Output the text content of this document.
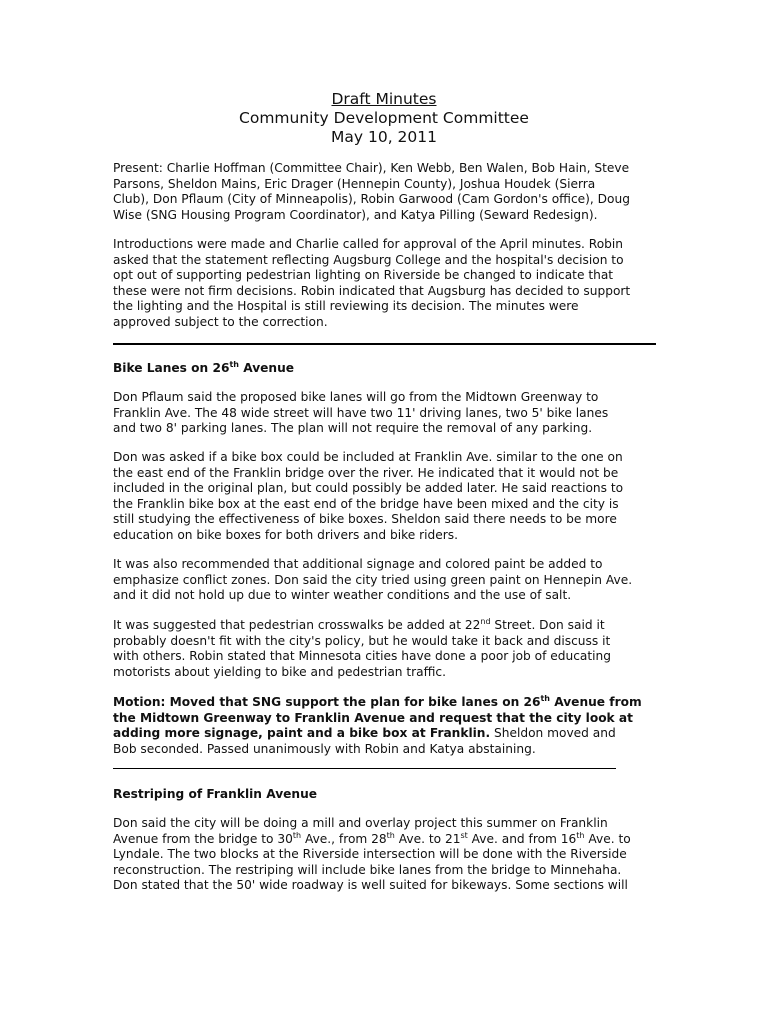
Draft Minutes
Community Development Committee
May 10, 2011
Present: Charlie Hoffman (Committee Chair), Ken Webb, Ben Walen, Bob Hain, Steve
Parsons, Sheldon Mains, Eric Drager (Hennepin County), Joshua Houdek (Sierra
Club), Don Pflaum (City of Minneapolis), Robin Garwood (Cam Gordon's office), Doug
Wise (SNG Housing Program Coordinator), and Katya Pilling (Seward Redesign).
Introductions were made and Charlie called for approval of the April minutes. Robin
asked that the statement reflecting Augsburg College and the hospital's decision to
opt out of supporting pedestrian lighting on Riverside be changed to indicate that
these were not firm decisions. Robin indicated that Augsburg has decided to support
the lighting and the Hospital is still reviewing its decision. The minutes were
approved subject to the correction.
Bike Lanes on 26th Avenue
Don Pflaum said the proposed bike lanes will go from the Midtown Greenway to
Franklin Ave. The 48 wide street will have two 11' driving lanes, two 5' bike lanes
and two 8' parking lanes. The plan will not require the removal of any parking.
Don was asked if a bike box could be included at Franklin Ave. similar to the one on
the east end of the Franklin bridge over the river. He indicated that it would not be
included in the original plan, but could possibly be added later. He said reactions to
the Franklin bike box at the east end of the bridge have been mixed and the city is
still studying the effectiveness of bike boxes. Sheldon said there needs to be more
education on bike boxes for both drivers and bike riders.
It was also recommended that additional signage and colored paint be added to
emphasize conflict zones. Don said the city tried using green paint on Hennepin Ave.
and it did not hold up due to winter weather conditions and the use of salt.
It was suggested that pedestrian crosswalks be added at 22nd Street. Don said it
probably doesn't fit with the city's policy, but he would take it back and discuss it
with others. Robin stated that Minnesota cities have done a poor job of educating
motorists about yielding to bike and pedestrian traffic.
Motion: Moved that SNG support the plan for bike lanes on 26th Avenue from
the Midtown Greenway to Franklin Avenue and request that the city look at
adding more signage, paint and a bike box at Franklin. Sheldon moved and
Bob seconded. Passed unanimously with Robin and Katya abstaining.
Restriping of Franklin Avenue
Don said the city will be doing a mill and overlay project this summer on Franklin
Avenue from the bridge to 30th Ave., from 28th Ave. to 21st Ave. and from 16th Ave. to
Lyndale. The two blocks at the Riverside intersection will be done with the Riverside
reconstruction. The restriping will include bike lanes from the bridge to Minnehaha.
Don stated that the 50' wide roadway is well suited for bikeways. Some sections will
